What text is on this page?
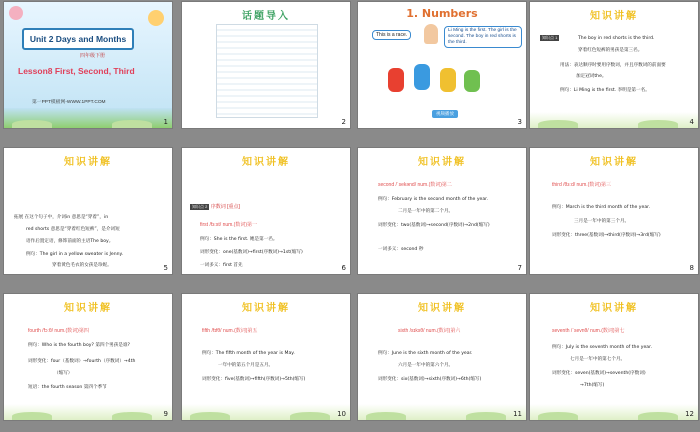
Unit 2 Days and Months
四年级下册
Lesson8 First, Second, Third
第一PPT模板网-WWW.1PPT.COM
1
话题导入
2
1. Numbers
This is a race.
Li Ming is the first. The girl is the second. The boy in red shorts is the third.
视频播放
3
知识讲解
知识点 1	The boy in red shorts is the third.
穿着红色短裤的男孩是第三名。
用法：表达顺序时要用序数词，并且序数词的前面要
加定冠词the。
例句：Li Ming is the first. 李明是第一名。
4
知识讲解
拓展 在这个句子中，介词in 意思是“穿着”，in
red shorts 意思是“穿着红色短裤”，是介词短
语作后置定语，修饰前面的主语The boy。
例句：The girl in a yellow sweater is Jenny.
穿着黄色毛衣的女孩是珍妮。	5
知识讲解
知识点 2 序数词 [重点]
first /fɜːst/ num.(数词)第一
例句：She is the first. 她是第一名。
词形变化：one(基数词)→first(序数词)→1st(缩写)
一词多义：first 首先	6
知识讲解
second /ˈsekənd/ num.(数词)第二
例句：February is the second month of the year.
二月是一年中的第二个月。
词形变化：two(基数词)→second(序数词)→2nd(缩写)
一词多义：second 秒
7
知识讲解
third /θɜːd/ num.(数词)第三
例句：March is the third month of the year.
三月是一年中的第三个月。
词形变化：three(基数词)→third(序数词)→3rd(缩写)
8
知识讲解
fourth /fɔːθ/ num.(数词)第四
例句：Who is the fourth boy? 第四个男孩是谁?
词形变化：four（基数词）→fourth（序数词）→4th
（缩写）
短语：the fourth season 第四个季节
9
知识讲解
fifth /fɪfθ/ num.(数词)第五
例句：The fifth month of the year is May.
一年中的第五个月是五月。
词形变化：five(基数词)→fifth(序数词)→5th(缩写)
10
知识讲解
sixth /sɪksθ/ num.(数词)第六
例句：June is the sixth month of the year.
六月是一年中的第六个月。
词形变化：six(基数词)→sixth(序数词)→6th(缩写)
11
知识讲解
seventh /ˈsevnθ/ num.(数词)第七
例句：July is the seventh month of the year.
七月是一年中的第七个月。
词形变化：seven(基数词)→seventh(序数词)
→7th(缩写)
12
